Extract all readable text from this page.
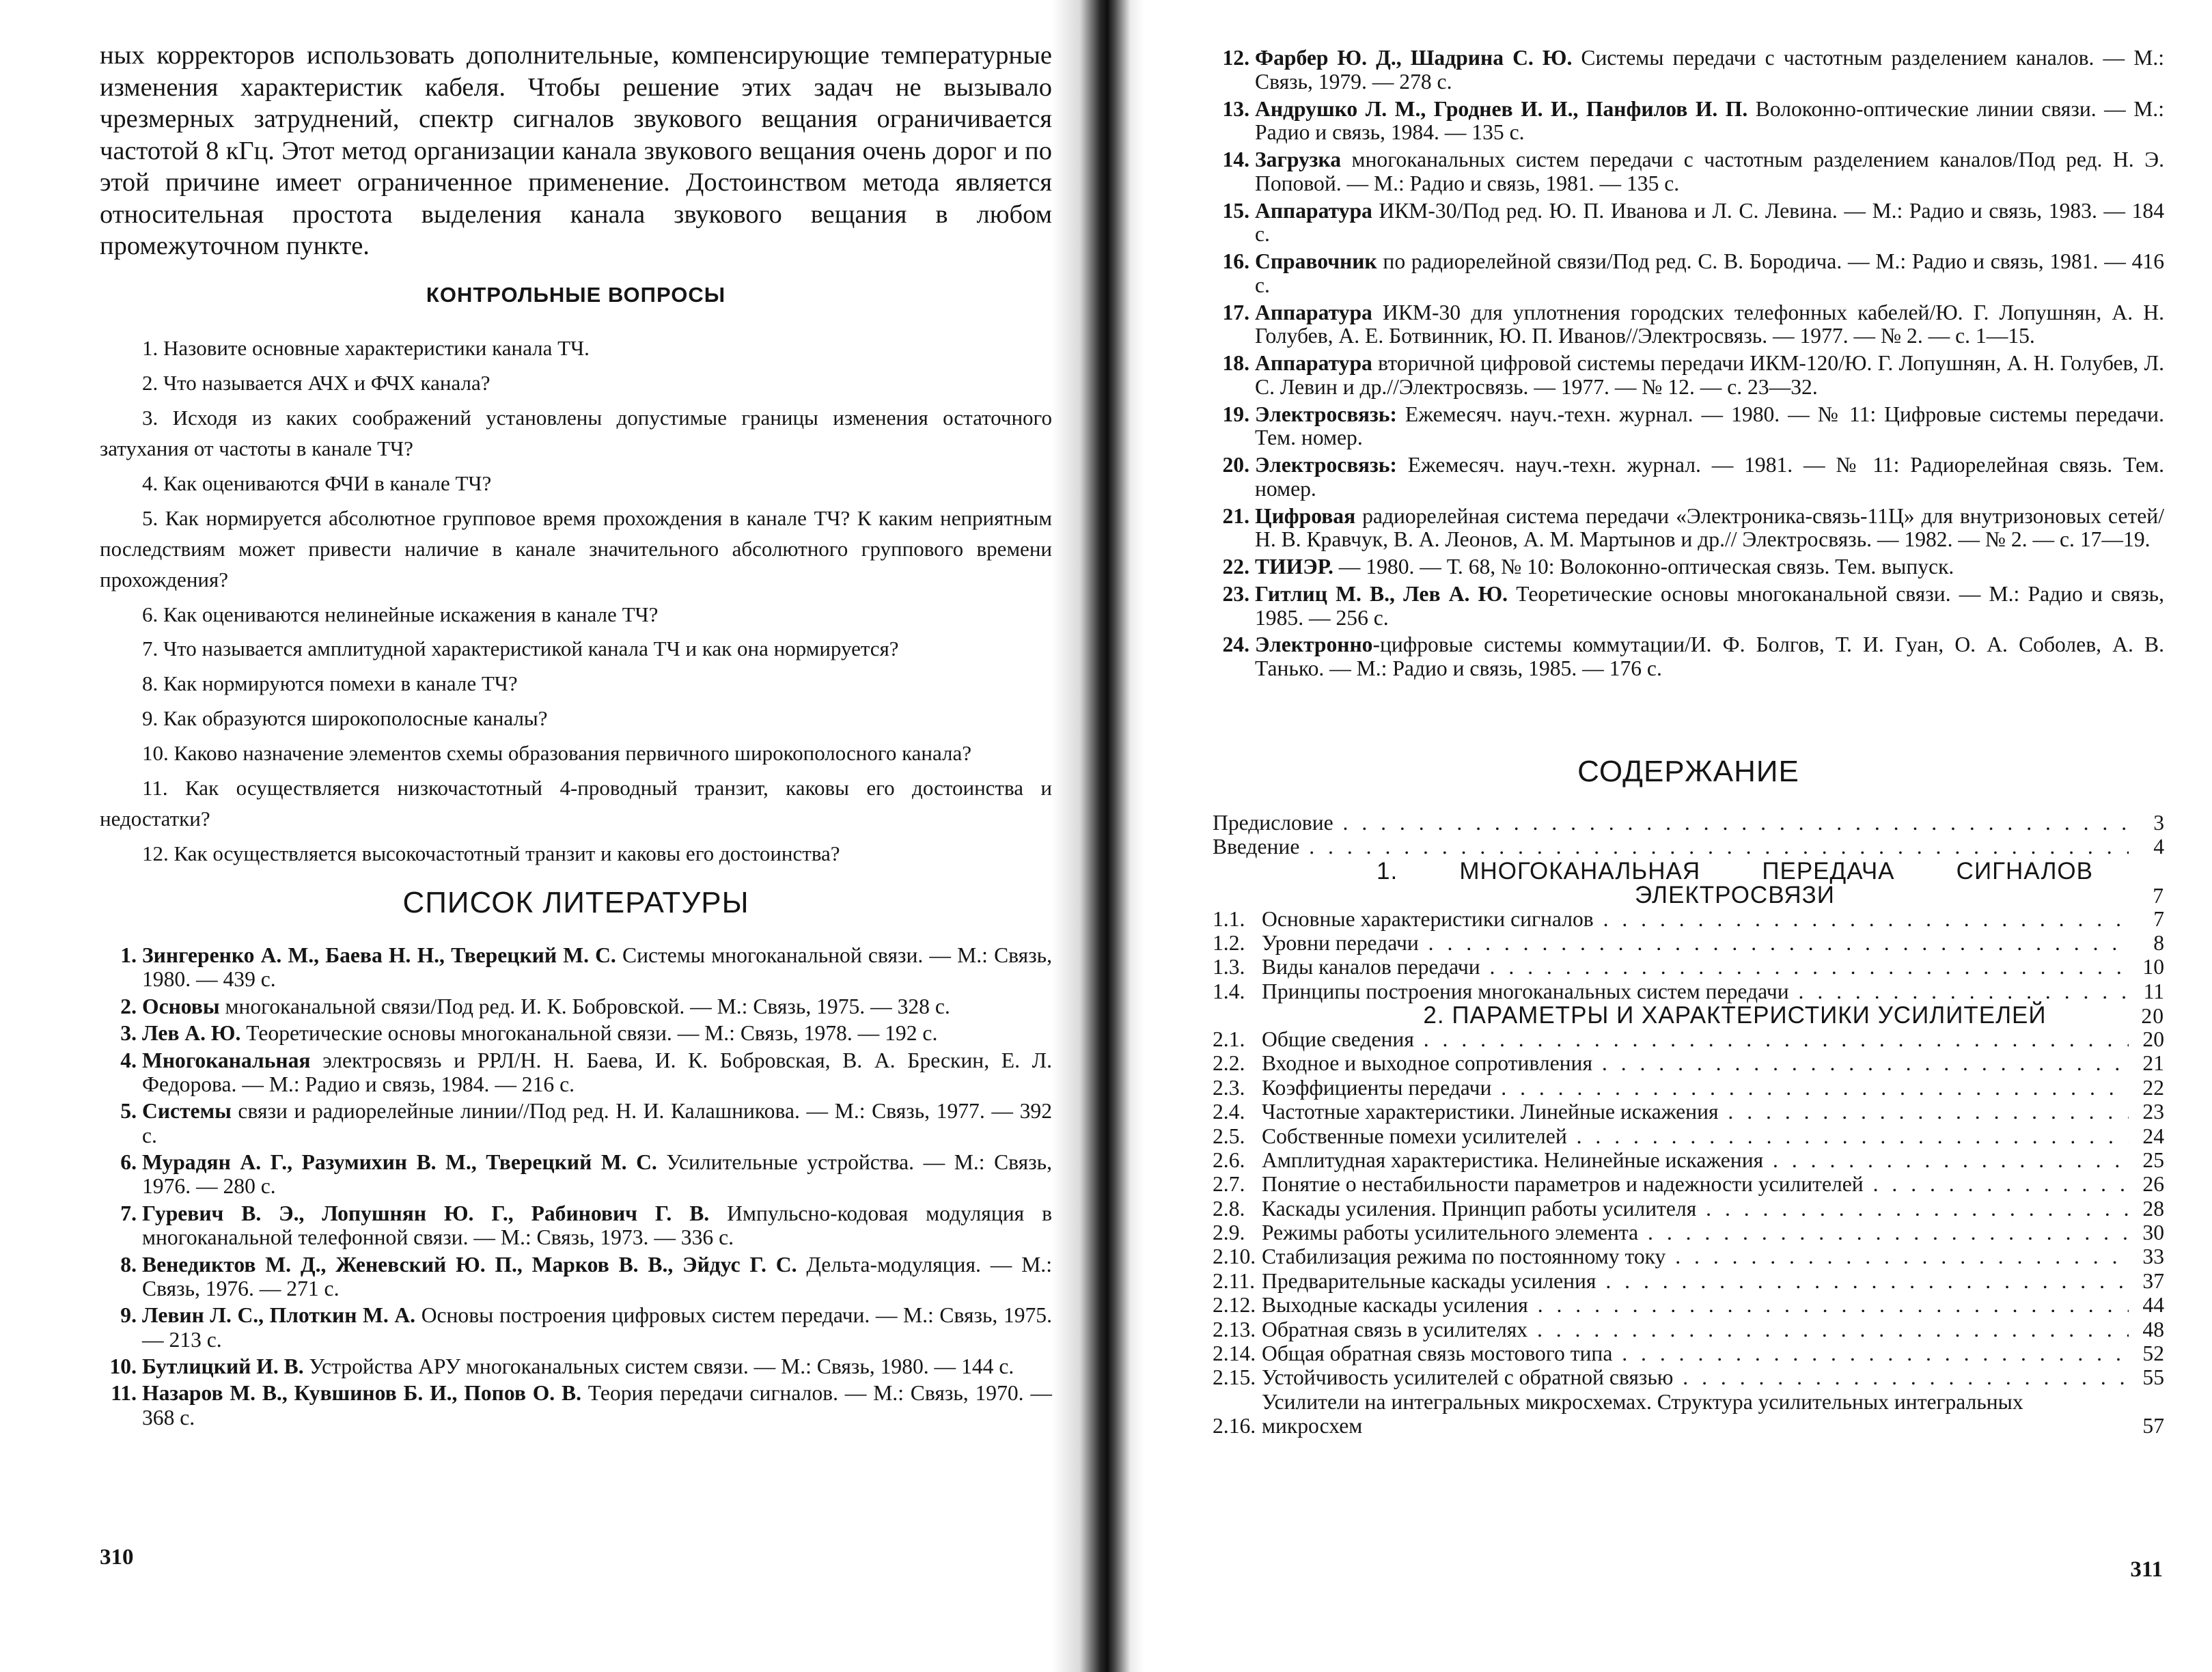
ных корректоров использовать дополнительные, компенсирующие температурные изменения характеристик кабеля. Чтобы решение этих задач не вызывало чрезмерных затруднений, спектр сигналов звукового вещания ограничивается частотой 8 кГц. Этот метод организации канала звукового вещания очень дорог и по этой причине имеет ограниченное применение. Достоинством метода является относительная простота выделения канала звукового вещания в любом промежуточном пункте.

КОНТРОЛЬНЫЕ ВОПРОСЫ
1. Назовите основные характеристики канала ТЧ.
2. Что называется АЧХ и ФЧХ канала?
3. Исходя из каких соображений установлены допустимые границы изменения остаточного затухания от частоты в канале ТЧ?
4. Как оцениваются ФЧИ в канале ТЧ?
5. Как нормируется абсолютное групповое время прохождения в канале ТЧ? К каким неприятным последствиям может привести наличие в канале значительного абсолютного группового времени прохождения?
6. Как оцениваются нелинейные искажения в канале ТЧ?
7. Что называется амплитудной характеристикой канала ТЧ и как она нормируется?
8. Как нормируются помехи в канале ТЧ?
9. Как образуются широкополосные каналы?
10. Каково назначение элементов схемы образования первичного широкополосного канала?
11. Как осуществляется низкочастотный 4-проводный транзит, каковы его достоинства и недостатки?
12. Как осуществляется высокочастотный транзит и каковы его достоинства?
СПИСОК ЛИТЕРАТУРЫ
1. Зингеренко А. М., Баева Н. Н., Тверецкий М. С. Системы многоканальной связи. — М.: Связь, 1980. — 439 с.
2. Основы многоканальной связи/Под ред. И. К. Бобровской. — М.: Связь, 1975. — 328 с.
3. Лев А. Ю. Теоретические основы многоканальной связи. — М.: Связь, 1978. — 192 с.
4. Многоканальная электросвязь и РРЛ/Н. Н. Баева, И. К. Бобровская, В. А. Брескин, Е. Л. Федорова. — М.: Радио и связь, 1984. — 216 с.
5. Системы связи и радиорелейные линии//Под ред. Н. И. Калашникова. — М.: Связь, 1977. — 392 с.
6. Мурадян А. Г., Разумихин В. М., Тверецкий М. С. Усилительные устройства. — М.: Связь, 1976. — 280 с.
7. Гуревич В. Э., Лопушнян Ю. Г., Рабинович Г. В. Импульсно-кодовая модуляция в многоканальной телефонной связи. — М.: Связь, 1973. — 336 с.
8. Венедиктов М. Д., Женевский Ю. П., Марков В. В., Эйдус Г. С. Дельта-модуляция. — М.: Связь, 1976. — 271 с.
9. Левин Л. С., Плоткин М. А. Основы построения цифровых систем передачи. — М.: Связь, 1975. — 213 с.
10. Бутлицкий И. В. Устройства АРУ многоканальных систем связи. — М.: Связь, 1980. — 144 с.
11. Назаров М. В., Кувшинов Б. И., Попов О. В. Теория передачи сигналов. — М.: Связь, 1970. — 368 с.
310
12. Фарбер Ю. Д., Шадрина С. Ю. Системы передачи с частотным разделением каналов. — М.: Связь, 1979. — 278 с.
13. Андрушко Л. М., Гроднев И. И., Панфилов И. П. Волоконно-оптические линии связи. — М.: Радио и связь, 1984. — 135 с.
14. Загрузка многоканальных систем передачи с частотным разделением каналов/Под ред. Н. Э. Поповой. — М.: Радио и связь, 1981. — 135 с.
15. Аппаратура ИКМ-30/Под ред. Ю. П. Иванова и Л. С. Левина. — М.: Радио и связь, 1983. — 184 с.
16. Справочник по радиорелейной связи/Под ред. С. В. Бородича. — М.: Радио и связь, 1981. — 416 с.
17. Аппаратура ИКМ-30 для уплотнения городских телефонных кабелей/Ю. Г. Лопушнян, А. Н. Голубев, А. Е. Ботвинник, Ю. П. Иванов//Электросвязь. — 1977. — № 2. — с. 1—15.
18. Аппаратура вторичной цифровой системы передачи ИКМ-120/Ю. Г. Лопушнян, А. Н. Голубев, Л. С. Левин и др.//Электросвязь. — 1977. — № 12. — с. 23—32.
19. Электросвязь: Ежемесяч. науч.-техн. журнал. — 1980. — № 11: Цифровые системы передачи. Тем. номер.
20. Электросвязь: Ежемесяч. науч.-техн. журнал. — 1981. — № 11: Радиорелейная связь. Тем. номер.
21. Цифровая радиорелейная система передачи «Электроника-связь-11Ц» для внутризоновых сетей/Н. В. Кравчук, В. А. Леонов, А. М. Мартынов и др.// Электросвязь. — 1982. — № 2. — с. 17—19.
22. ТИИЭР. — 1980. — Т. 68, № 10: Волоконно-оптическая связь. Тем. выпуск.
23. Гитлиц М. В., Лев А. Ю. Теоретические основы многоканальной связи. — М.: Радио и связь, 1985. — 256 с.
24. Электронно-цифровые системы коммутации/И. Ф. Болгов, Т. И. Гуан, О. А. Соболев, А. В. Танько. — М.: Радио и связь, 1985. — 176 с.
СОДЕРЖАНИЕ
Предисловие . . .	3
Введение . . .	4
1. МНОГОКАНАЛЬНАЯ ПЕРЕДАЧА СИГНАЛОВ ЭЛЕКТРОСВЯЗИ	7
1.1. Основные характеристики сигналов . . .	7
1.2. Уровни передачи . . .	8
1.3. Виды каналов передачи . . .	10
1.4. Принципы построения многоканальных систем передачи . . .	11
2. ПАРАМЕТРЫ И ХАРАКТЕРИСТИКИ УСИЛИТЕЛЕЙ	20
2.1. Общие сведения . . .	20
2.2. Входное и выходное сопротивления . . .	21
2.3. Коэффициенты передачи . . .	22
2.4. Частотные характеристики. Линейные искажения . . .	23
2.5. Собственные помехи усилителей . . .	24
2.6. Амплитудная характеристика. Нелинейные искажения . . .	25
2.7. Понятие о нестабильности параметров и надежности усилителей . . .	26
2.8. Каскады усиления. Принцип работы усилителя . . .	28
2.9. Режимы работы усилительного элемента . . .	30
2.10. Стабилизация режима по постоянному току . . .	33
2.11. Предварительные каскады усиления . . .	37
2.12. Выходные каскады усиления . . .	44
2.13. Обратная связь в усилителях . . .	48
2.14. Общая обратная связь мостового типа . . .	52
2.15. Устойчивость усилителей с обратной связью . . .	55
2.16.
Усилители на интегральных микросхемах. Структура усилительных интегральных микросхем	57
311
